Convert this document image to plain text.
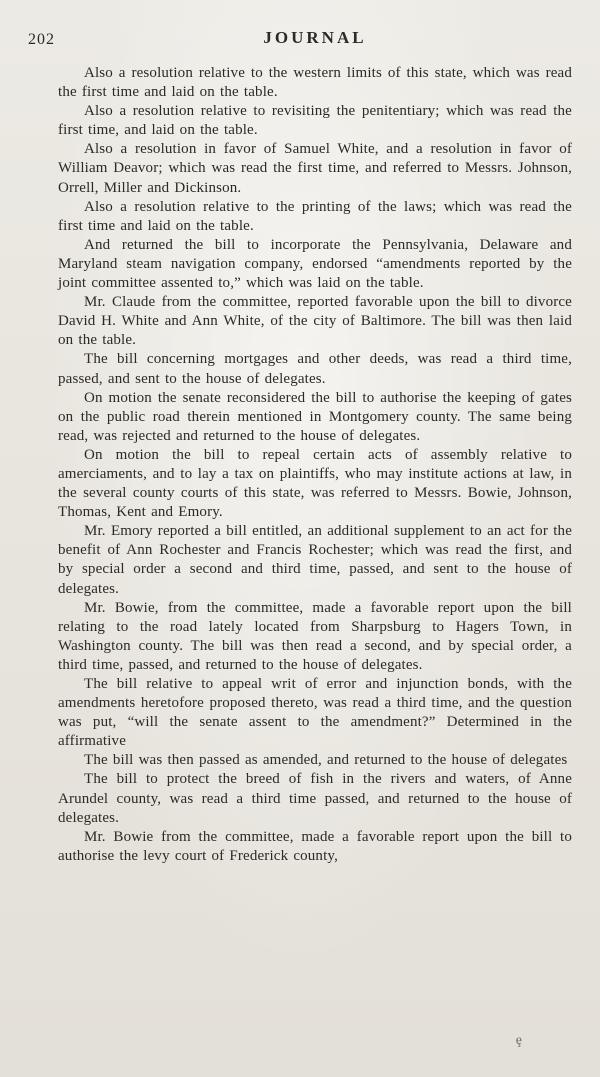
202	JOURNAL

Also a resolution relative to the western limits of this state, which was read the first time and laid on the table.

Also a resolution relative to revisiting the penitentiary; which was read the first time, and laid on the table.

Also a resolution in favor of Samuel White, and a resolution in favor of William Deavor; which was read the first time, and referred to Messrs. Johnson, Orrell, Miller and Dickinson.

Also a resolution relative to the printing of the laws; which was read the first time and laid on the table.

And returned the bill to incorporate the Pennsylvania, Delaware and Maryland steam navigation company, endorsed “amendments reported by the joint committee assented to,” which was laid on the table.

Mr. Claude from the committee, reported favorable upon the bill to divorce David H. White and Ann White, of the city of Baltimore. The bill was then laid on the table.

The bill concerning mortgages and other deeds, was read a third time, passed, and sent to the house of delegates.

On motion the senate reconsidered the bill to authorise the keeping of gates on the public road therein mentioned in Montgomery county. The same being read, was rejected and returned to the house of delegates.

On motion the bill to repeal certain acts of assembly relative to amerciaments, and to lay a tax on plaintiffs, who may institute actions at law, in the several county courts of this state, was referred to Messrs. Bowie, Johnson, Thomas, Kent and Emory.

Mr. Emory reported a bill entitled, an additional supplement to an act for the benefit of Ann Rochester and Francis Rochester; which was read the first, and by special order a second and third time, passed, and sent to the house of delegates.

Mr. Bowie, from the committee, made a favorable report upon the bill relating to the road lately located from Sharpsburg to Hagers Town, in Washington county. The bill was then read a second, and by special order, a third time, passed, and returned to the house of delegates.

The bill relative to appeal writ of error and injunction bonds, with the amendments heretofore proposed thereto, was read a third time, and the question was put, “will the senate assent to the amendment?” Determined in the affirmative

The bill was then passed as amended, and returned to the house of delegates

The bill to protect the breed of fish in the rivers and waters, of Anne Arundel county, was read a third time passed, and returned to the house of delegates.

Mr. Bowie from the committee, made a favorable report upon the bill to authorise the levy court of Frederick county,

ȩ
